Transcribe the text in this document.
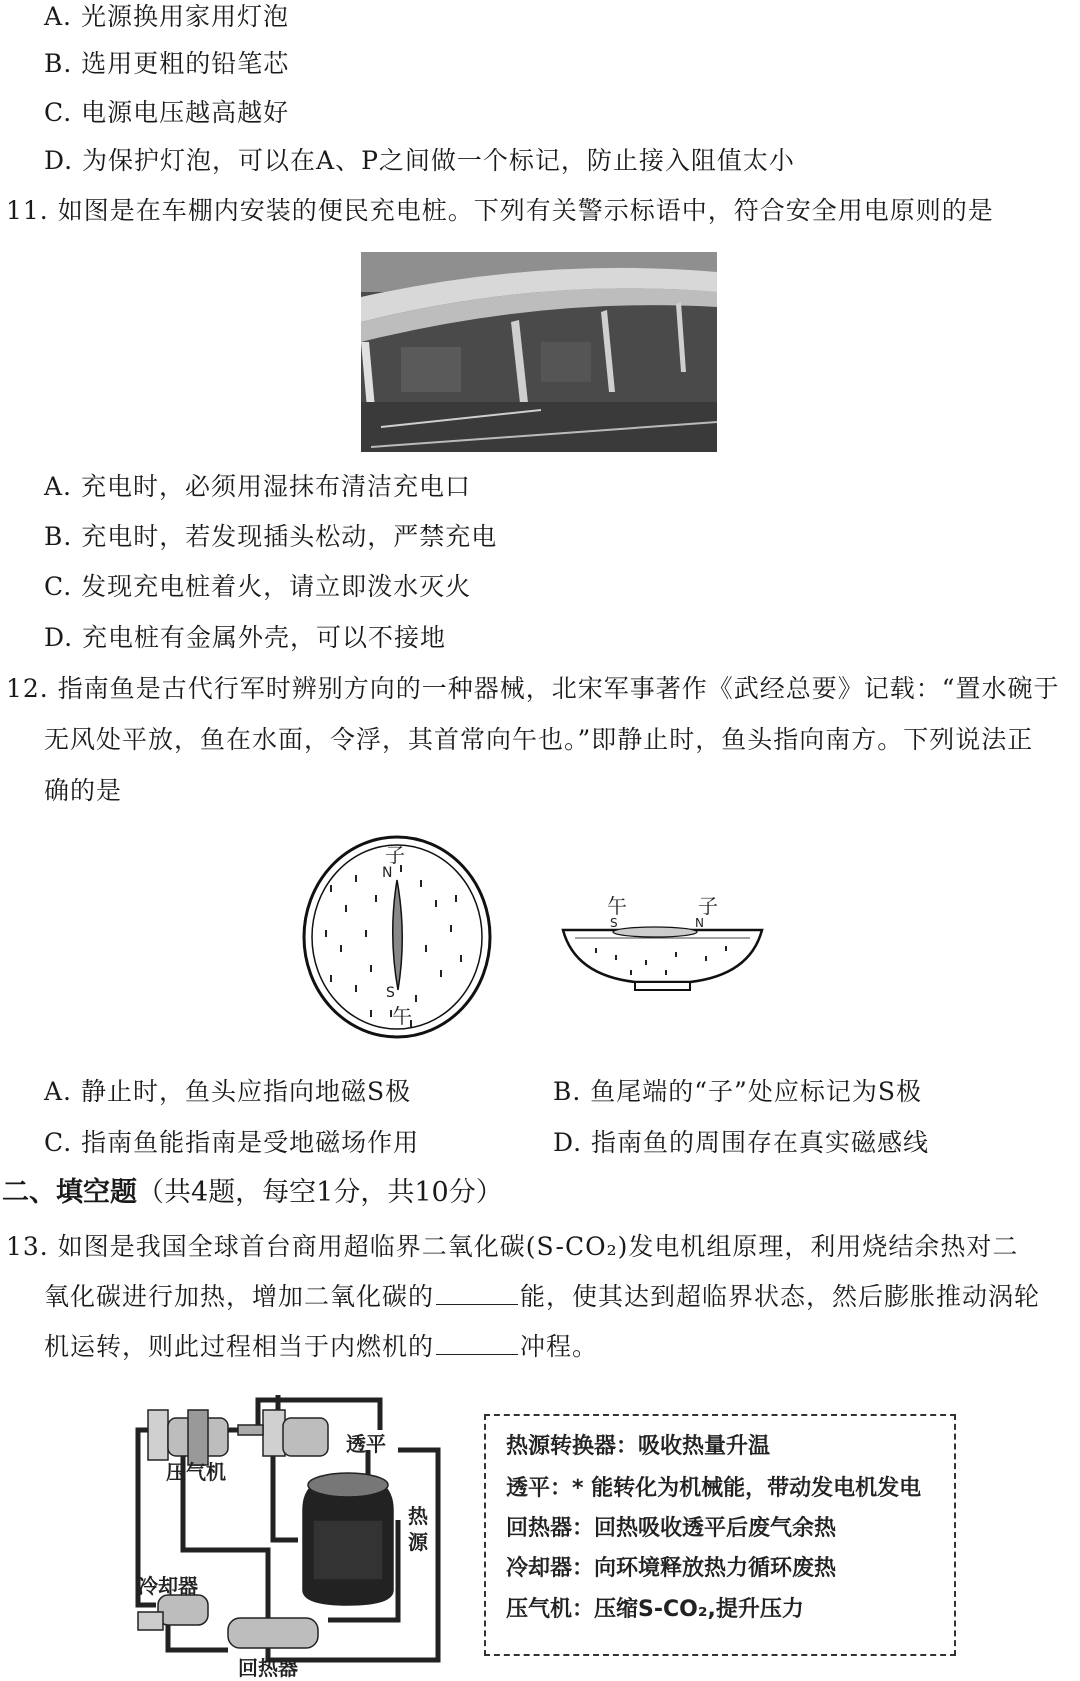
A. 光源换用家用灯泡
B. 选用更粗的铅笔芯
C. 电源电压越高越好
D. 为保护灯泡，可以在A、P之间做一个标记，防止接入阻值太小
11. 如图是在车棚内安装的便民充电桩。下列有关警示标语中，符合安全用电原则的是
A. 充电时，必须用湿抹布清洁充电口
B. 充电时，若发现插头松动，严禁充电
C. 发现充电桩着火，请立即泼水灭火
D. 充电桩有金属外壳，可以不接地
12. 指南鱼是古代行军时辨别方向的一种器械，北宋军事著作《武经总要》记载：“置水碗于
无风处平放，鱼在水面，令浮，其首常向午也。”即静止时，鱼头指向南方。下列说法正
确的是
子
N
S
午
午	子
S	N
A. 静止时，鱼头应指向地磁S极	B. 鱼尾端的“子”处应标记为S极
C. 指南鱼能指南是受地磁场作用	D. 指南鱼的周围存在真实磁感线
二、填空题（共4题，每空1分，共10分）
13. 如图是我国全球首台商用超临界二氧化碳(S-CO₂)发电机组原理，利用烧结余热对二
氧化碳进行加热，增加二氧化碳的	能，使其达到超临界状态，然后膨胀推动涡轮
机运转，则此过程相当于内燃机的	冲程。
压气机
透平
热
源
冷却器
回热器
热源转换器：吸收热量升温
透平：* 能转化为机械能，带动发电机发电
回热器：回热吸收透平后废气余热
冷却器：向环境释放热力循环废热
压气机：压缩S-CO₂,提升压力
